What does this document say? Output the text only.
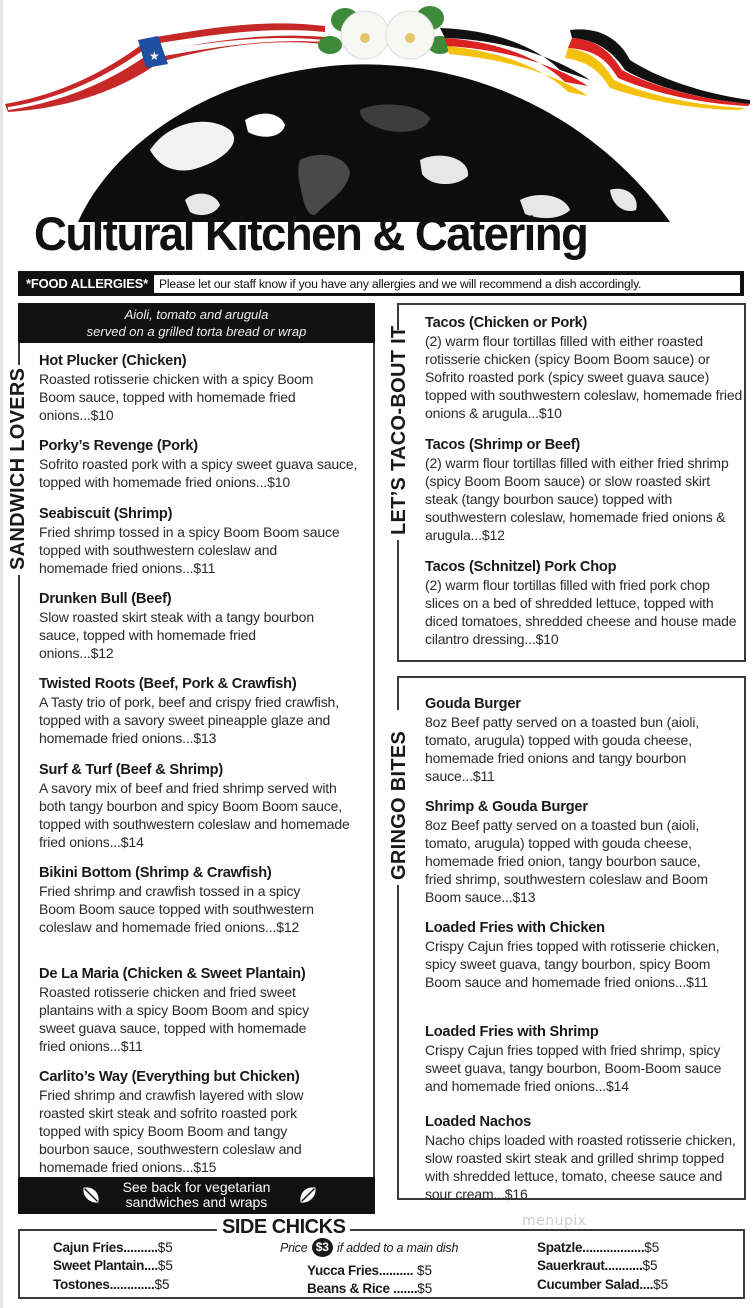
★
Cultural Kitchen & Catering
*FOOD ALLERGIES* Please let our staff know if you have any allergies and we will recommend a dish accordingly.
Aioli, tomato and arugula
served on a grilled torta bread or wrap
Hot Plucker (Chicken)
Roasted rotisserie chicken with a spicy Boom Boom sauce, topped with homemade fried onions...$10
Porky’s Revenge (Pork)
Sofrito roasted pork with a spicy sweet guava sauce, topped with homemade fried onions...$10
Seabiscuit (Shrimp)
Fried shrimp tossed in a spicy Boom Boom sauce topped with southwestern coleslaw and homemade fried onions...$11
Drunken Bull (Beef)
Slow roasted skirt steak with a tangy bourbon sauce, topped with homemade fried onions...$12
Twisted Roots (Beef, Pork & Crawfish)
A Tasty trio of pork, beef and crispy fried crawfish, topped with a savory sweet pineapple glaze and homemade fried onions...$13
Surf & Turf (Beef & Shrimp)
A savory mix of beef and fried shrimp served with both tangy bourbon and spicy Boom Boom sauce, topped with southwestern coleslaw and homemade fried onions...$14
Bikini Bottom (Shrimp & Crawfish)
Fried shrimp and crawfish tossed in a spicy Boom Boom sauce topped with southwestern coleslaw and homemade fried onions...$12
De La Maria (Chicken & Sweet Plantain)
Roasted rotisserie chicken and fried sweet plantains with a spicy Boom Boom and spicy sweet guava sauce, topped with homemade fried onions...$11
Carlito’s Way (Everything but Chicken)
Fried shrimp and crawfish layered with slow roasted skirt steak and sofrito roasted pork topped with spicy Boom Boom and tangy bourbon sauce, southwestern coleslaw and homemade fried onions...$15
See back for vegetarian
sandwiches and wraps
SANDWICH LOVERS
Tacos (Chicken or Pork)
(2) warm flour tortillas filled with either roasted rotisserie chicken (spicy Boom Boom sauce) or Sofrito roasted pork (spicy sweet guava sauce) topped with southwestern coleslaw, homemade fried onions & arugula...$10
Tacos (Shrimp or Beef)
(2) warm flour tortillas filled with either fried shrimp (spicy Boom Boom sauce) or slow roasted skirt steak (tangy bourbon sauce) topped with southwestern coleslaw, homemade fried onions & arugula...$12
Tacos (Schnitzel) Pork Chop
(2) warm flour tortillas filled with fried pork chop slices on a bed of shredded lettuce, topped with diced tomatoes, shredded cheese and house made cilantro dressing...$10
LET’S TACO-BOUT IT
Gouda Burger
8oz Beef patty served on a toasted bun (aioli, tomato, arugula) topped with gouda cheese, homemade fried onions and tangy bourbon sauce...$11
Shrimp & Gouda Burger
8oz Beef patty served on a toasted bun (aioli, tomato, arugula) topped with gouda cheese, homemade fried onion, tangy bourbon sauce, fried shrimp, southwestern coleslaw and Boom Boom sauce...$13
Loaded Fries with Chicken
Crispy Cajun fries topped with rotisserie chicken, spicy sweet guava, tangy bourbon, spicy Boom Boom sauce and homemade fried onions...$11
Loaded Fries with Shrimp
Crispy Cajun fries topped with fried shrimp, spicy sweet guava, tangy bourbon, Boom-Boom sauce and homemade fried onions...$14
Loaded Nachos
Nacho chips loaded with roasted rotisserie chicken, slow roasted skirt steak and grilled shrimp topped with shredded lettuce, tomato, cheese sauce and sour cream...$16
GRINGO BITES
SIDE CHICKS	menupix
Cajun Fries..........$5
Sweet Plantain....$5
Tostones.............$5
Price $3 if added to a main dish
Yucca Fries.......... $5
Beans & Rice .......$5
Spatzle..................$5
Sauerkraut...........$5
Cucumber Salad....$5
